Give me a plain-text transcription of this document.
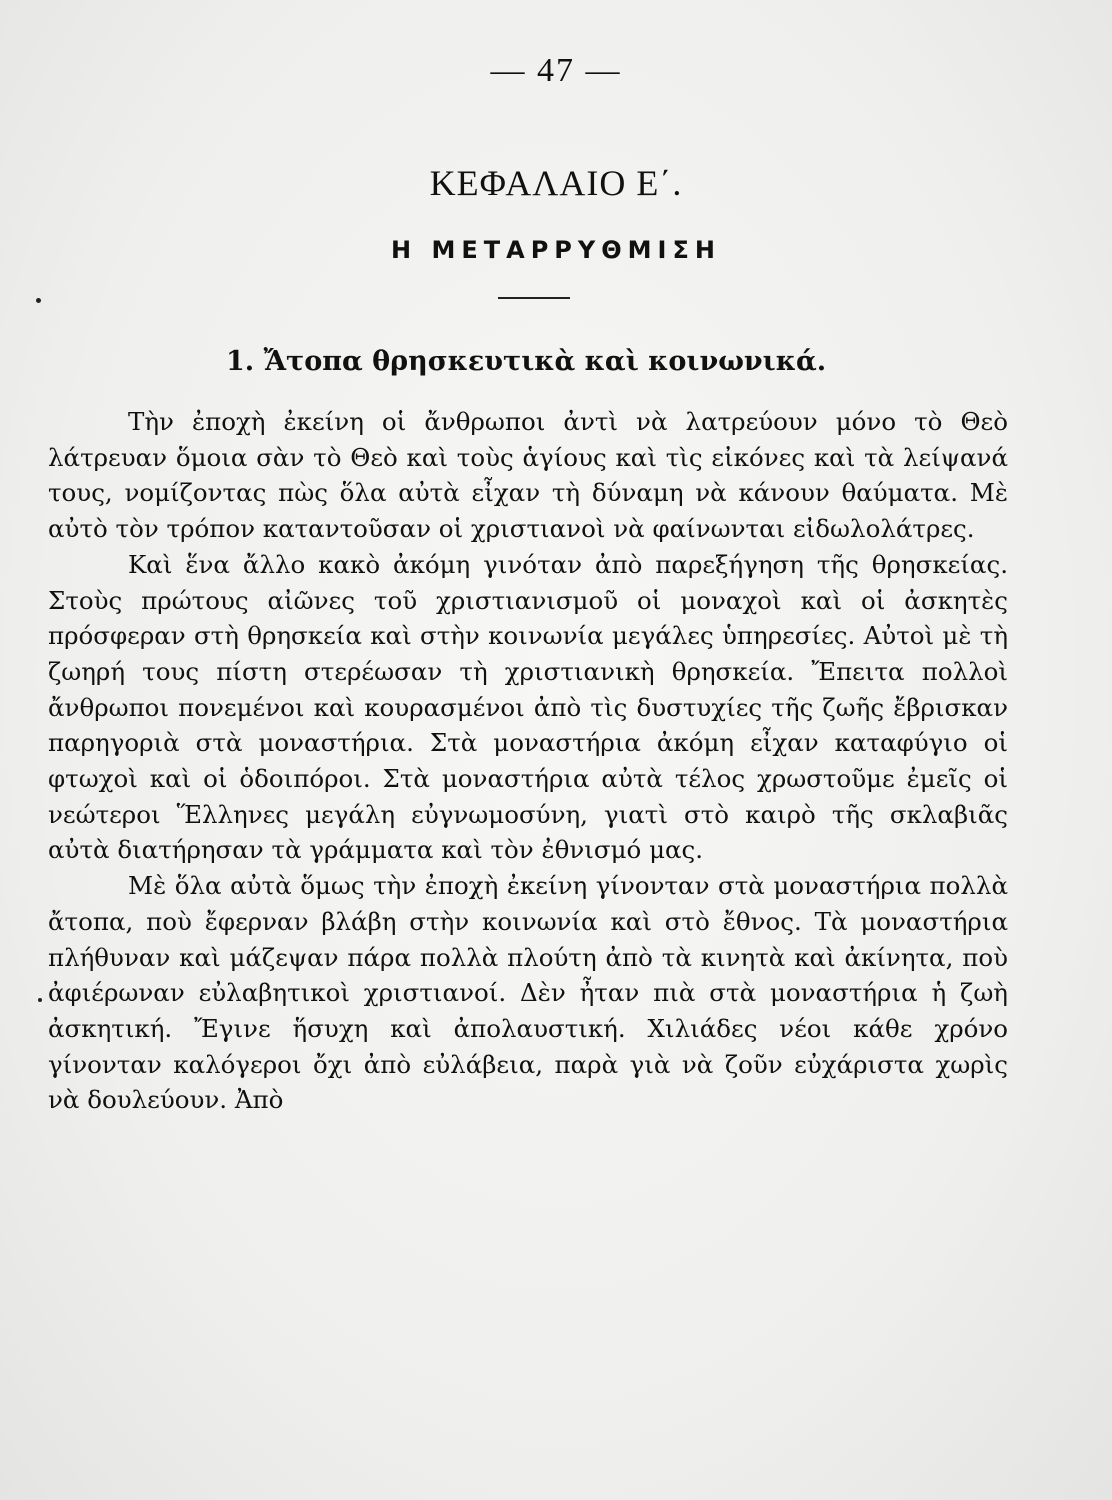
— 47 —
ΚΕΦΑΛΑΙΟ Ε΄.
Η ΜΕΤΑΡΡΥΘΜΙΣΗ
1. Ἄτοπα θρησκευτικὰ καὶ κοινωνικά.

Τὴν ἐποχὴ ἐκείνη οἱ ἄνθρωποι ἀντὶ νὰ λατρεύουν μόνο τὸ Θεὸ λάτρευαν ὅμοια σὰν τὸ Θεὸ καὶ τοὺς ἁγίους καὶ τὶς εἰκόνες καὶ τὰ λείψανά τους, νομίζοντας πὼς ὅλα αὐτὰ εἶχαν τὴ δύναμη νὰ κάνουν θαύματα. Μὲ αὐτὸ τὸν τρόπον καταντοῦσαν οἱ χριστιανοὶ νὰ φαίνωνται εἰδωλολάτρες.

Καὶ ἕνα ἄλλο κακὸ ἀκόμη γινόταν ἀπὸ παρεξήγηση τῆς θρησκείας. Στοὺς πρώτους αἰῶνες τοῦ χριστιανισμοῦ οἱ μοναχοὶ καὶ οἱ ἀσκητὲς πρόσφεραν στὴ θρησκεία καὶ στὴν κοινωνία μεγάλες ὑπηρεσίες. Αὐτοὶ μὲ τὴ ζωηρή τους πίστη στερέωσαν τὴ χριστιανικὴ θρησκεία. Ἔπειτα πολλοὶ ἄνθρωποι πονεμένοι καὶ κουρασμένοι ἀπὸ τὶς δυστυχίες τῆς ζωῆς ἔβρισκαν παρηγοριὰ στὰ μοναστήρια. Στὰ μοναστήρια ἀκόμη εἶχαν καταφύγιο οἱ φτωχοὶ καὶ οἱ ὁδοιπόροι. Στὰ μοναστήρια αὐτὰ τέλος χρωστοῦμε ἐμεῖς οἱ νεώτεροι Ἕλληνες μεγάλη εὐγνωμοσύνη, γιατὶ στὸ καιρὸ τῆς σκλαβιᾶς αὐτὰ διατήρησαν τὰ γράμματα καὶ τὸν ἐθνισμό μας.

Μὲ ὅλα αὐτὰ ὅμως τὴν ἐποχὴ ἐκείνη γίνονταν στὰ μοναστήρια πολλὰ ἄτοπα, ποὺ ἔφερναν βλάβη στὴν κοινωνία καὶ στὸ ἔθνος. Τὰ μοναστήρια πλήθυναν καὶ μάζεψαν πάρα πολλὰ πλούτη ἀπὸ τὰ κινητὰ καὶ ἀκίνητα, ποὺ ἀφιέρωναν εὐλαβητικοὶ χριστιανοί. Δὲν ἦταν πιὰ στὰ μοναστήρια ἡ ζωὴ ἀσκητική. Ἔγινε ἥσυχη καὶ ἀπολαυστική. Χιλιάδες νέοι κάθε χρόνο γίνονταν καλόγεροι ὄχι ἀπὸ εὐλάβεια, παρὰ γιὰ νὰ ζοῦν εὐχάριστα χωρὶς νὰ δουλεύουν. Ἀπὸ
